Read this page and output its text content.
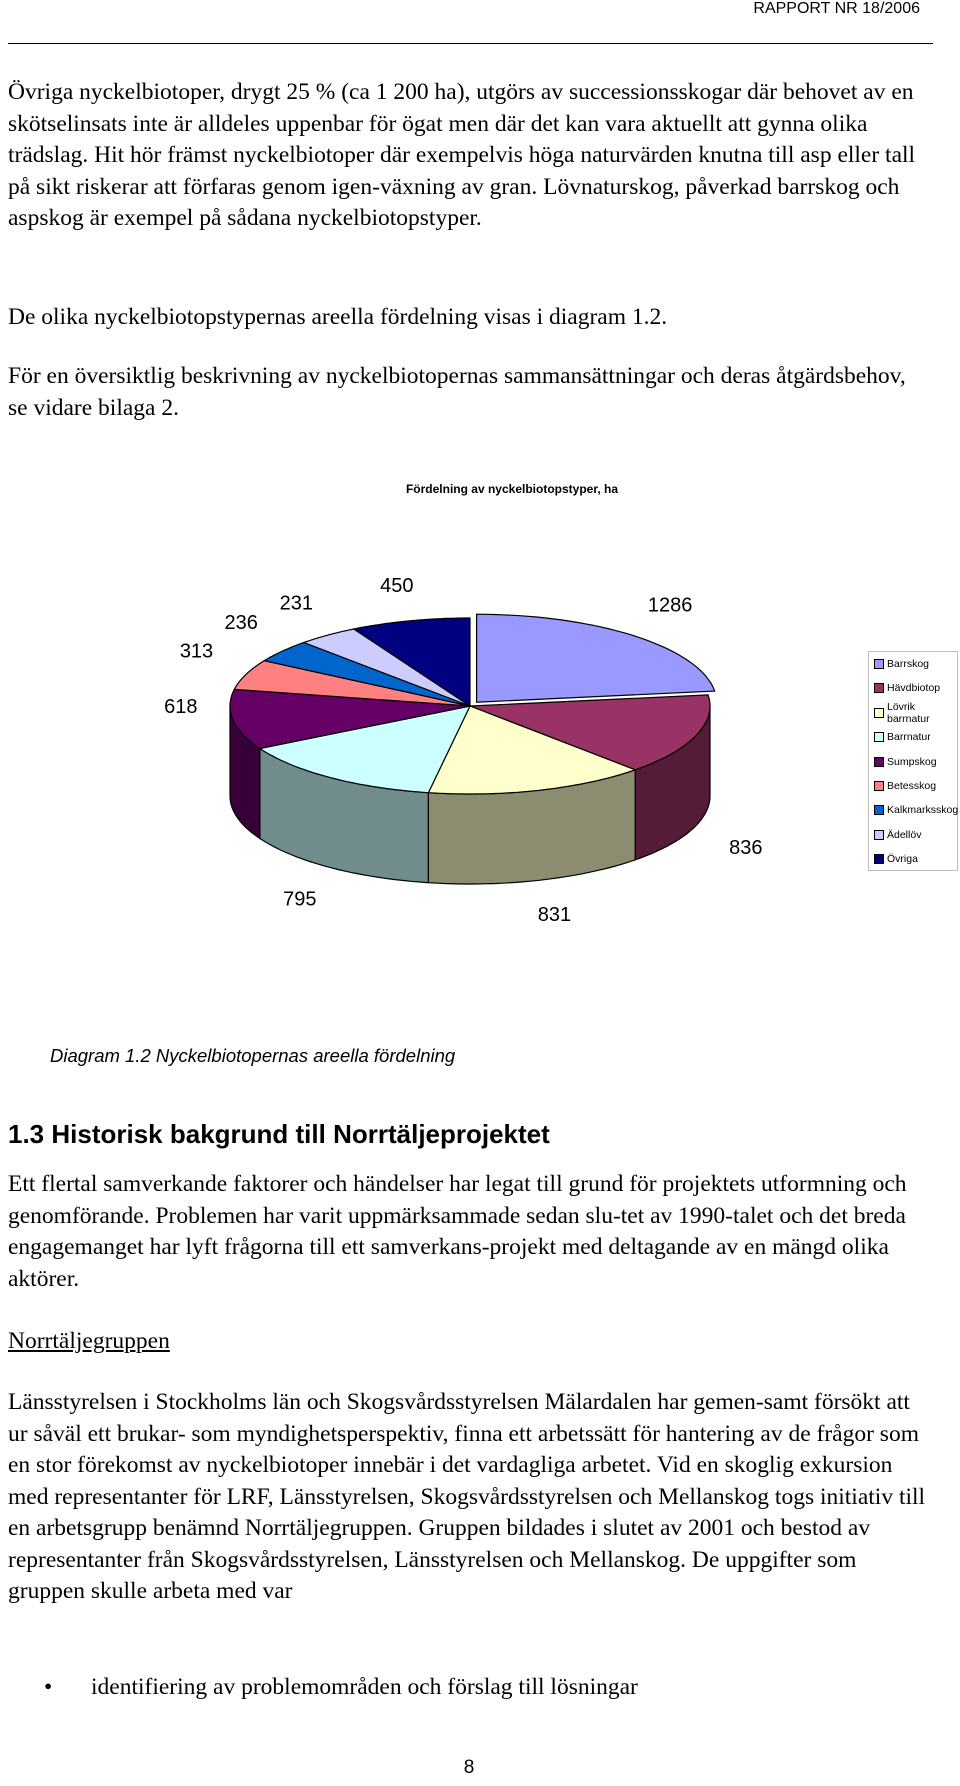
RAPPORT NR 18/2006

Övriga nyckelbiotoper, drygt 25 % (ca 1 200 ha), utgörs av successionsskogar där behovet av en skötselinsats inte är alldeles uppenbar för ögat men där det kan vara aktuellt att gynna olika trädslag. Hit hör främst nyckelbiotoper där exempelvis höga naturvärden knutna till asp eller tall på sikt riskerar att förfaras genom igen-växning av gran. Lövnaturskog, påverkad barrskog och aspskog är exempel på sådana nyckelbiotopstyper.

De olika nyckelbiotopstypernas areella fördelning visas i diagram 1.2.

För en översiktlig beskrivning av nyckelbiotopernas sammansättningar och deras åtgärdsbehov, se vidare bilaga 2.

Fördelning av nyckelbiotopstyper, ha
1286
836
831
795
618
313
236
231
450
Barrskog
Hävdbiotop
Lövrik barrnatur
Barrnatur
Sumpskog
Betesskog
Kalkmarksskog
Ädellöv
Övriga
Diagram 1.2 Nyckelbiotopernas areella fördelning
1.3 Historisk bakgrund till Norrtäljeprojektet

Ett flertal samverkande faktorer och händelser har legat till grund för projektets utformning och genomförande. Problemen har varit uppmärksammade sedan slu-tet av 1990-talet och det breda engagemanget har lyft frågorna till ett samverkans-projekt med deltagande av en mängd olika aktörer.

Norrtäljegruppen

Länsstyrelsen i Stockholms län och Skogsvårdsstyrelsen Mälardalen har gemen-samt försökt att ur såväl ett brukar- som myndighetsperspektiv, finna ett arbetssätt för hantering av de frågor som en stor förekomst av nyckelbiotoper innebär i det vardagliga arbetet. Vid en skoglig exkursion med representanter för LRF, Länsstyrelsen, Skogsvårdsstyrelsen och Mellanskog togs initiativ till en arbetsgrupp benämnd Norrtäljegruppen. Gruppen bildades i slutet av 2001 och bestod av representanter från Skogsvårdsstyrelsen, Länsstyrelsen och Mellanskog. De uppgifter som gruppen skulle arbeta med var

• identifiering av problemområden och förslag till lösningar
8
